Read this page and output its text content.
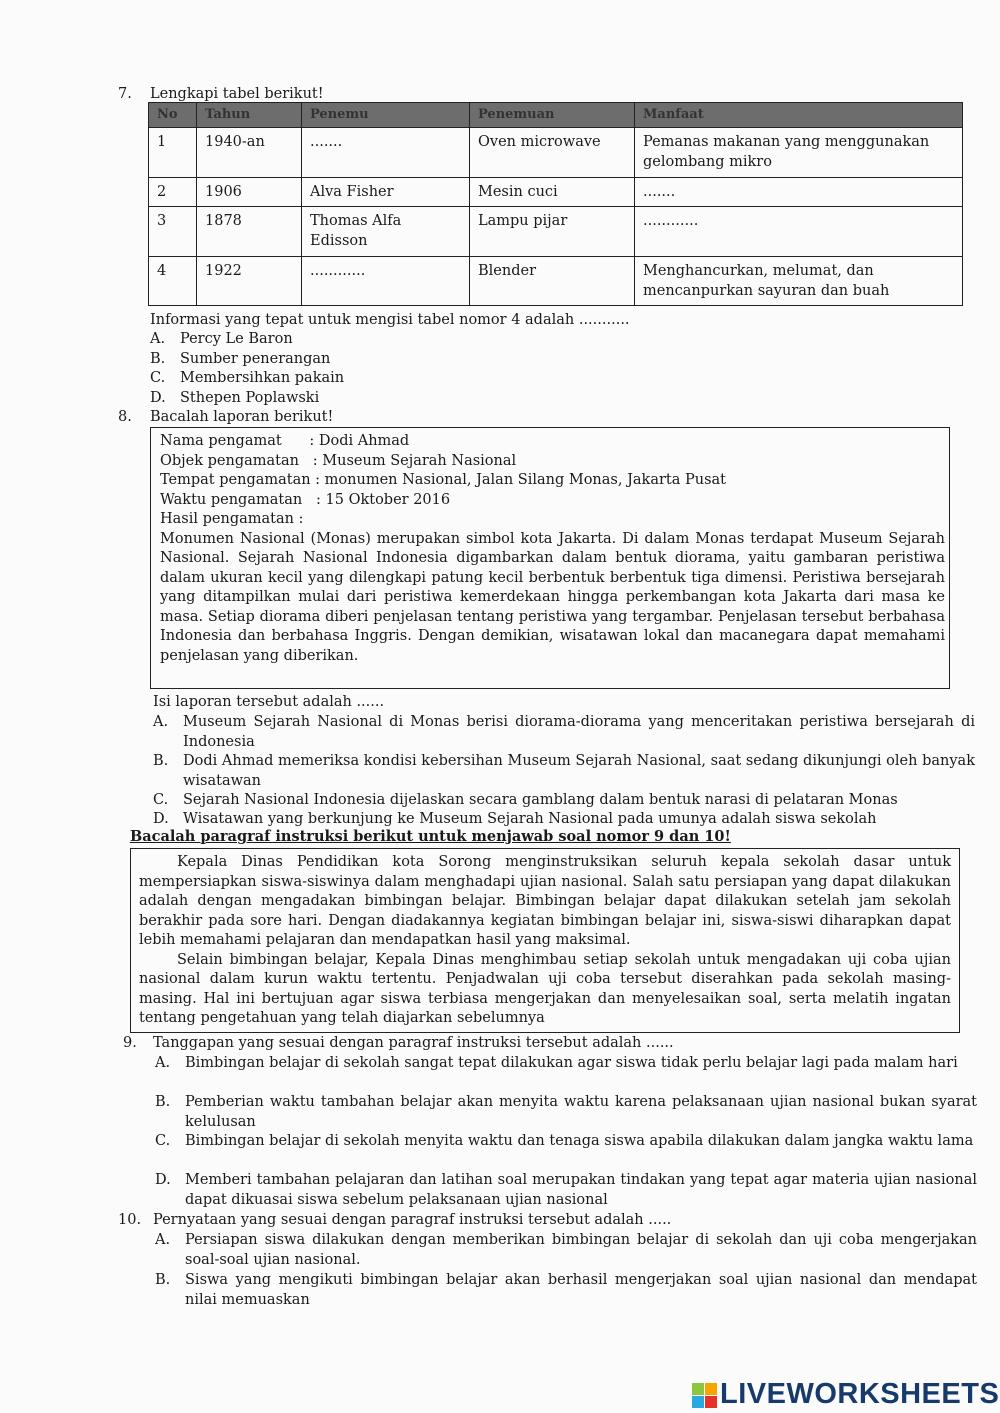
7. Lengkapi tabel berikut!
No	Tahun	Penemu	Penemuan	Manfaat
1	1940-an	.......	Oven microwave	Pemanas makanan yang menggunakan gelombang mikro
2	1906	Alva Fisher	Mesin cuci	.......
3	1878	Thomas Alfa Edisson	Lampu pijar	............
4	1922	............	Blender	Menghancurkan, melumat, dan mencanpurkan sayuran dan buah
Informasi yang tepat untuk mengisi tabel nomor 4 adalah ...........
A. Percy Le Baron
B. Sumber penerangan
C. Membersihkan pakain
D. Sthepen Poplawski
8. Bacalah laporan berikut!
Nama pengamat      : Dodi Ahmad
Objek pengamatan   : Museum Sejarah Nasional
Tempat pengamatan : monumen Nasional, Jalan Silang Monas, Jakarta Pusat
Waktu pengamatan   : 15 Oktober 2016
Hasil pengamatan :
Monumen Nasional (Monas) merupakan simbol kota Jakarta. Di dalam Monas terdapat Museum Sejarah Nasional. Sejarah Nasional Indonesia digambarkan dalam bentuk diorama, yaitu gambaran peristiwa dalam ukuran kecil yang dilengkapi patung kecil berbentuk berbentuk tiga dimensi. Peristiwa bersejarah yang ditampilkan mulai dari peristiwa kemerdekaan hingga perkembangan kota Jakarta dari masa ke masa. Setiap diorama diberi penjelasan tentang peristiwa yang tergambar. Penjelasan tersebut berbahasa Indonesia dan berbahasa Inggris. Dengan demikian, wisatawan lokal dan macanegara dapat memahami penjelasan yang diberikan.
Isi laporan tersebut adalah ......
A. Museum Sejarah Nasional di Monas berisi diorama-diorama yang menceritakan peristiwa bersejarah di Indonesia
B. Dodi Ahmad memeriksa kondisi kebersihan Museum Sejarah Nasional, saat sedang dikunjungi oleh banyak wisatawan
C. Sejarah Nasional Indonesia dijelaskan secara gamblang dalam bentuk narasi di pelataran Monas
D. Wisatawan yang berkunjung ke Museum Sejarah Nasional pada umunya adalah siswa sekolah
Bacalah paragraf instruksi berikut untuk menjawab soal nomor 9 dan 10!
Kepala Dinas Pendidikan kota Sorong menginstruksikan seluruh kepala sekolah dasar untuk mempersiapkan siswa-siswinya dalam menghadapi ujian nasional. Salah satu persiapan yang dapat dilakukan adalah dengan mengadakan bimbingan belajar. Bimbingan belajar dapat dilakukan setelah jam sekolah berakhir pada sore hari. Dengan diadakannya kegiatan bimbingan belajar ini, siswa-siswi diharapkan dapat lebih memahami pelajaran dan mendapatkan hasil yang maksimal.
Selain bimbingan belajar, Kepala Dinas menghimbau setiap sekolah untuk mengadakan uji coba ujian nasional dalam kurun waktu tertentu. Penjadwalan uji coba tersebut diserahkan pada sekolah masing-masing. Hal ini bertujuan agar siswa terbiasa mengerjakan dan menyelesaikan soal, serta melatih ingatan tentang pengetahuan yang telah diajarkan sebelumnya
9. Tanggapan yang sesuai dengan paragraf instruksi tersebut adalah ......
A. Bimbingan belajar di sekolah sangat tepat dilakukan agar siswa tidak perlu belajar lagi pada malam hari
B. Pemberian waktu tambahan belajar akan menyita waktu karena pelaksanaan ujian nasional bukan syarat kelulusan
C. Bimbingan belajar di sekolah menyita waktu dan tenaga siswa apabila dilakukan dalam jangka waktu lama
D. Memberi tambahan pelajaran dan latihan soal merupakan tindakan yang tepat agar materia ujian nasional dapat dikuasai siswa sebelum pelaksanaan ujian nasional
10. Pernyataan yang sesuai dengan paragraf instruksi tersebut adalah .....
A. Persiapan siswa dilakukan dengan memberikan bimbingan belajar di sekolah dan uji coba mengerjakan soal-soal ujian nasional.
B. Siswa yang mengikuti bimbingan belajar akan berhasil mengerjakan soal ujian nasional dan mendapat nilai memuaskan
LIVEWORKSHEETS
